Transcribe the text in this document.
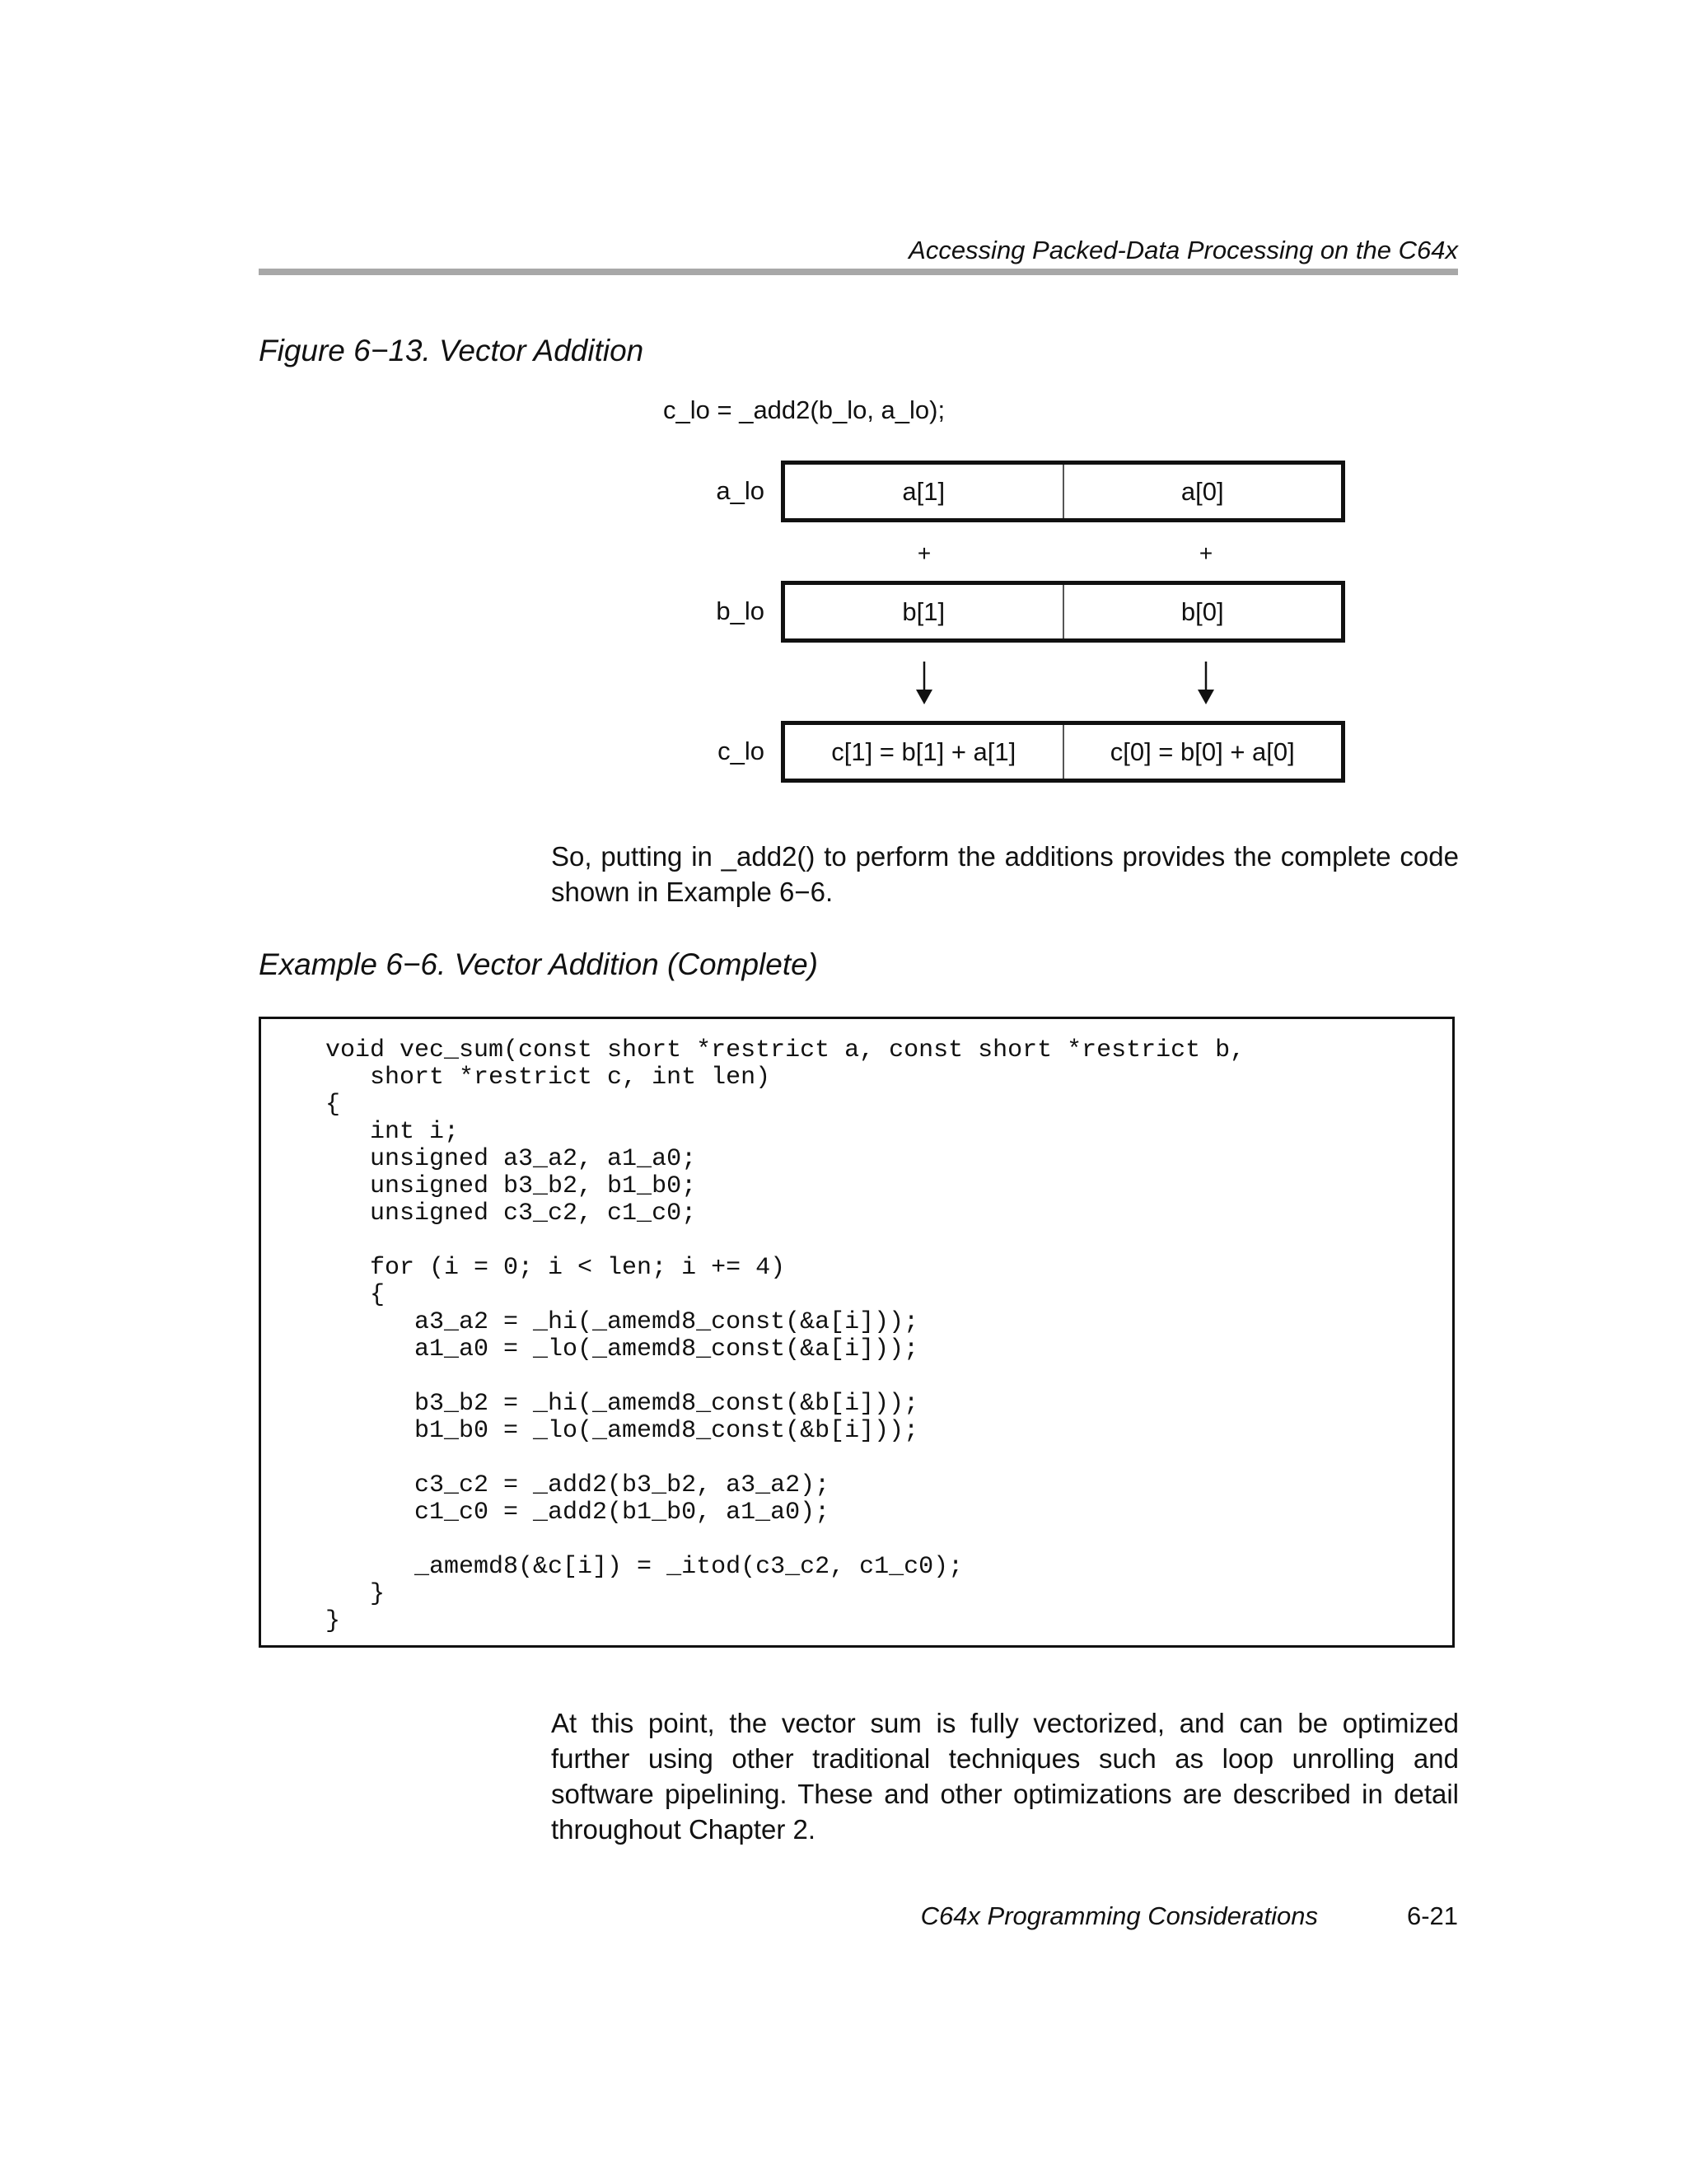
Accessing Packed-Data Processing on the C64x
Figure 6−13. Vector Addition
c_lo = _add2(b_lo, a_lo);
a_lo	a[1]	a[0]
+	+
b_lo	b[1]	b[0]
c_lo	c[1] = b[1] + a[1]	c[0] = b[0] + a[0]
So, putting in _add2() to perform the additions provides the complete code shown in Example 6−6.
Example 6−6. Vector Addition (Complete)
void vec_sum(const short *restrict a, const short *restrict b,
short *restrict c, int len)
{
int i;
unsigned a3_a2, a1_a0;
unsigned b3_b2, b1_b0;
unsigned c3_c2, c1_c0;

for (i = 0; i < len; i += 4)
{
a3_a2 = _hi(_amemd8_const(&a[i]));
a1_a0 = _lo(_amemd8_const(&a[i]));

b3_b2 = _hi(_amemd8_const(&b[i]));
b1_b0 = _lo(_amemd8_const(&b[i]));

c3_c2 = _add2(b3_b2, a3_a2);
c1_c0 = _add2(b1_b0, a1_a0);

_amemd8(&c[i]) = _itod(c3_c2, c1_c0);
}
}
At this point, the vector sum is fully vectorized, and can be optimized further using other traditional techniques such as loop unrolling and software pipelining. These and other optimizations are described in detail throughout Chapter 2.
C64x Programming Considerations	6-21
